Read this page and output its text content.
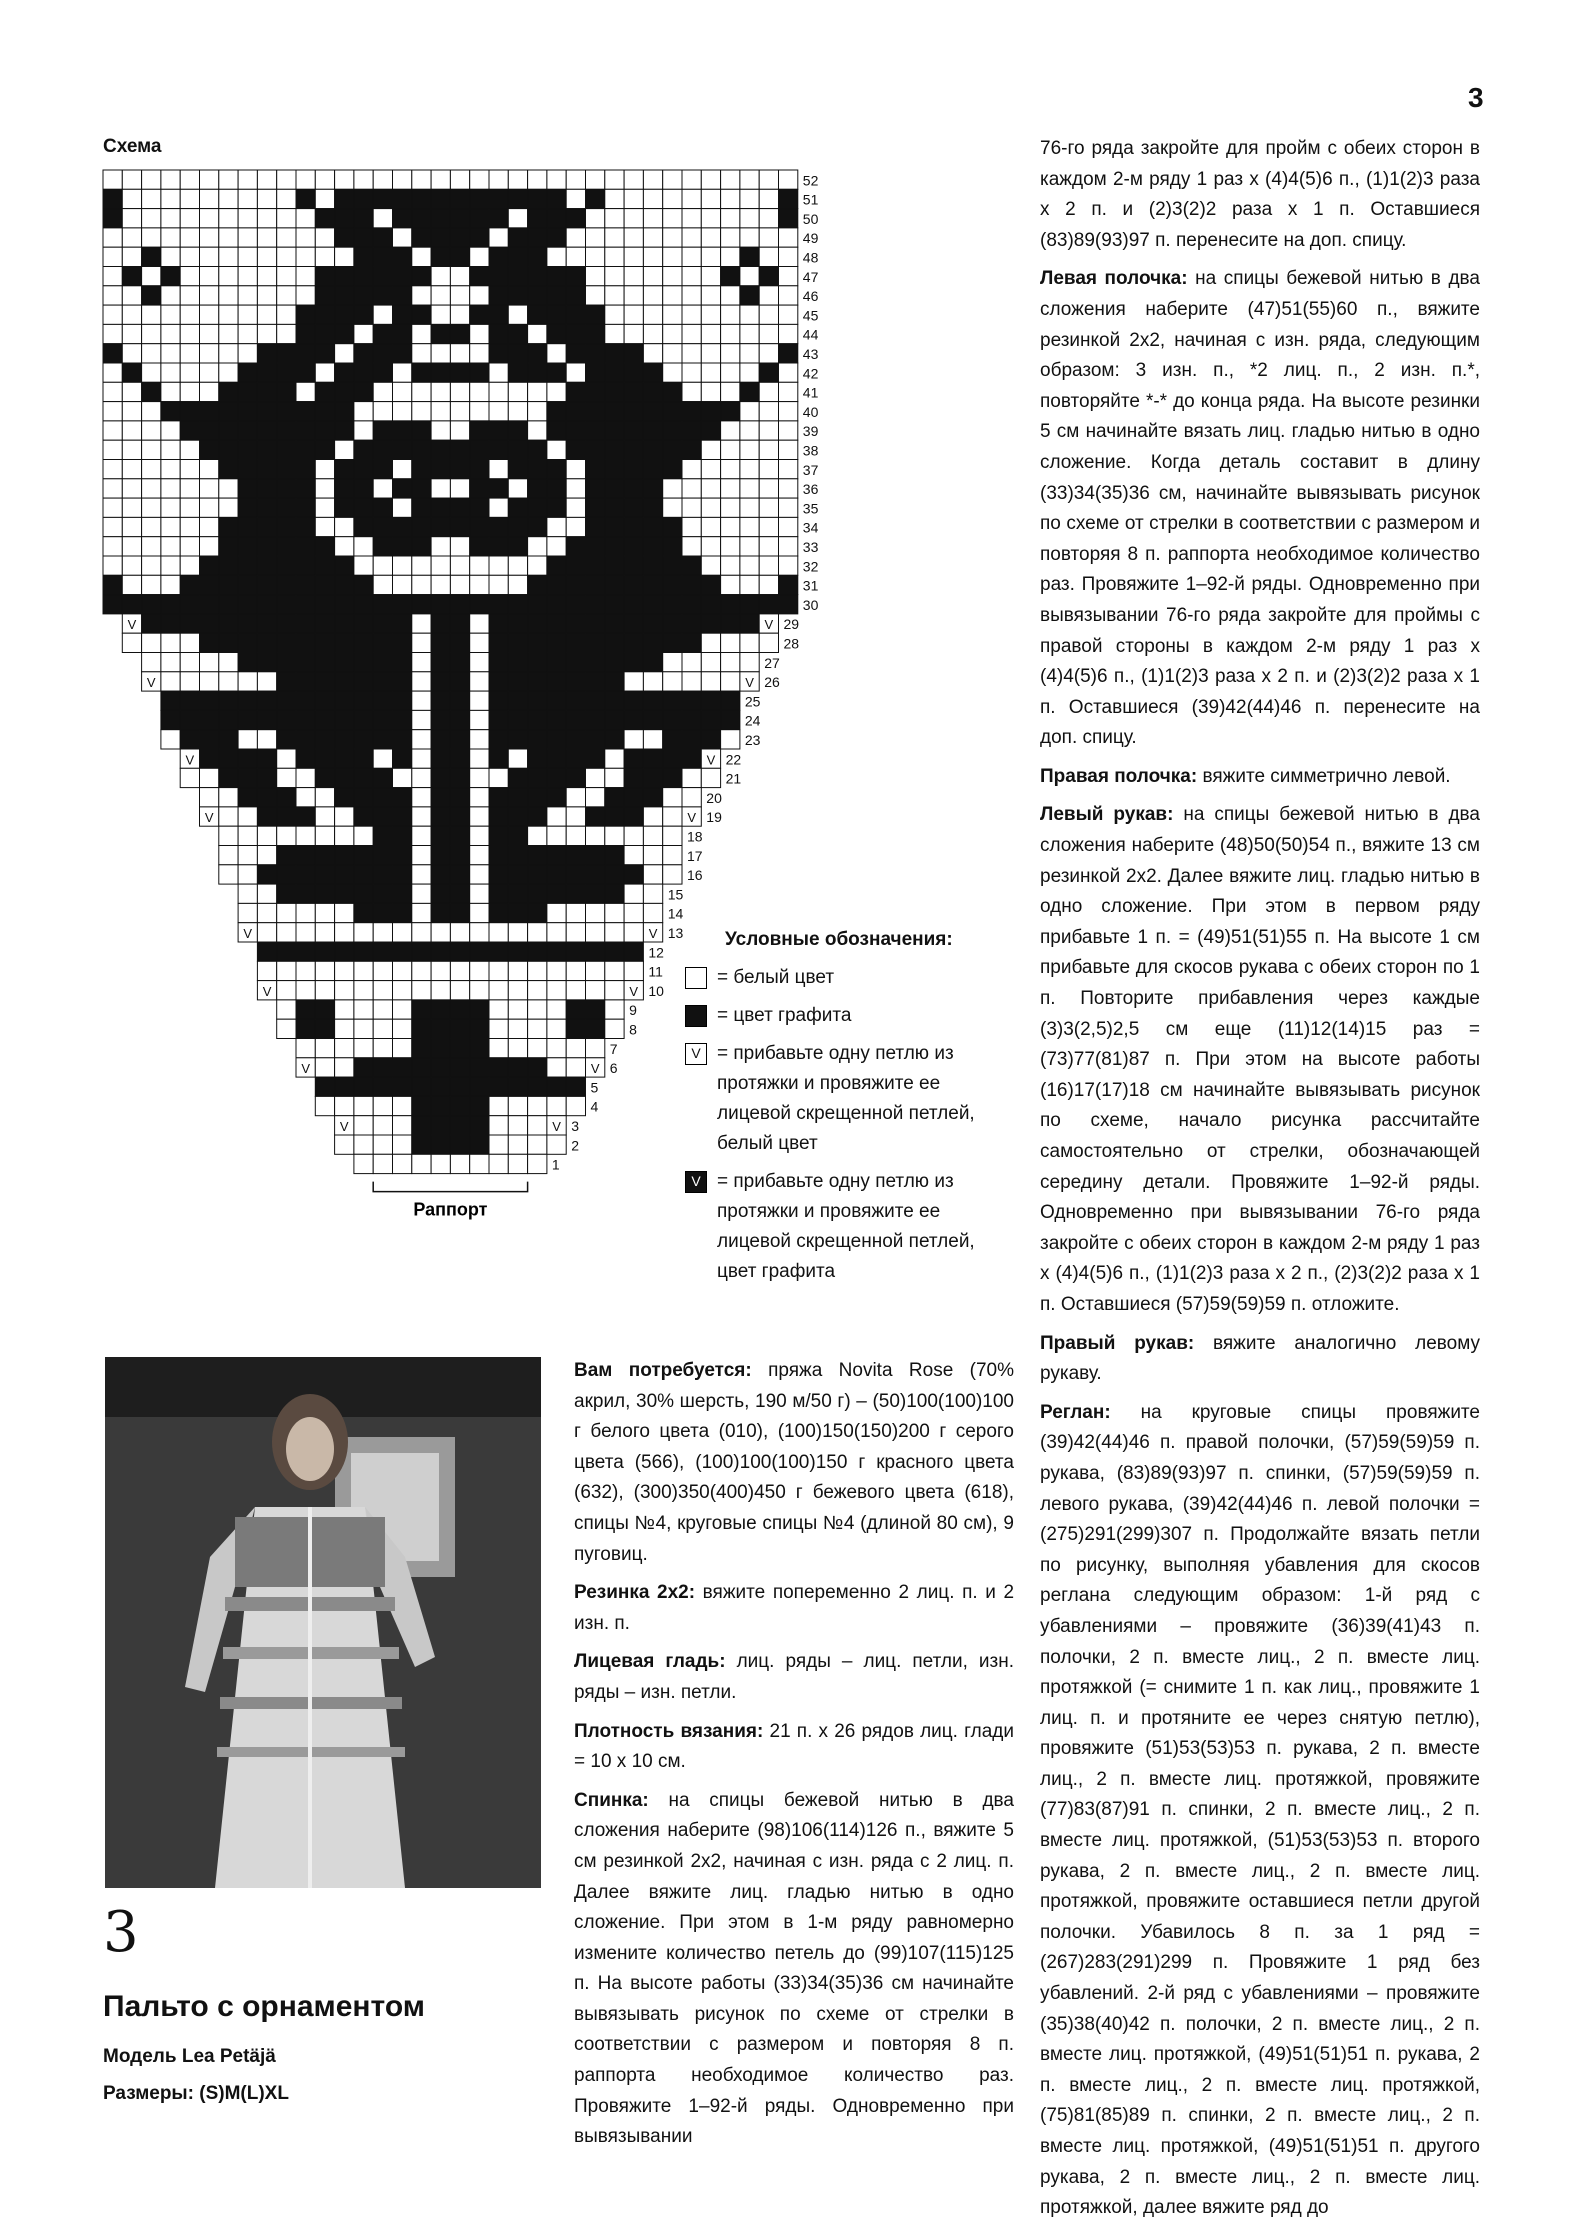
3
Схема
52
51
50
49
48
47
46
45
44
43
42
41
40
39
38
37
36
35
34
33
32
31
30
V	V 29
28
27
V	V 26
25
24
23
V	V 22
21
20
V	V 19
18
17
16
15
14
V	V 13
12
11
V	V 10
9
8
7
V	V 6
5
4
V	V 3
2
1
Раппорт
Условные обозначения:
= белый цвет
= цвет графита
V = прибавьте одну петлю из протяжки и провяжите ее лицевой скрещенной петлей, белый цвет
V = прибавьте одну петлю из протяжки и провяжите ее лицевой скрещенной петлей, цвет графита

76-го ряда закройте для пройм с обеих сторон в каждом 2-м ряду 1 раз х (4)4(5)6 п., (1)1(2)3 раза х 2 п. и (2)3(2)2 раза х 1 п. Оставшиеся (83)89(93)97 п. перенесите на доп. спицу.

Левая полочка: на спицы бежевой нитью в два сложения наберите (47)51(55)60 п., вяжите резинкой 2x2, начиная с изн. ряда, следующим образом: 3 изн. п., *2 лиц. п., 2 изн. п.*, повторяйте *-* до конца ряда. На высоте резинки 5 см начинайте вязать лиц. гладью нитью в одно сложение. Когда деталь составит в длину (33)34(35)36 см, начинайте вывязывать рисунок по схеме от стрелки в соответствии с размером и повторяя 8 п. раппорта необходимое количество раз. Провяжите 1–92-й ряды. Одновременно при вывязывании 76-го ряда закройте для проймы с правой стороны в каждом 2-м ряду 1 раз х (4)4(5)6 п., (1)1(2)3 раза х 2 п. и (2)3(2)2 раза х 1 п. Оставшиеся (39)42(44)46 п. перенесите на доп. спицу.

Правая полочка: вяжите симметрично левой.

Левый рукав: на спицы бежевой нитью в два сложения наберите (48)50(50)54 п., вяжите 13 см резинкой 2x2. Далее вяжите лиц. гладью нитью в одно сложение. При этом в первом ряду прибавьте 1 п. = (49)51(51)55 п. На высоте 1 см прибавьте для скосов рукава с обеих сторон по 1 п. Повторите прибавления через каждые (3)3(2,5)2,5 см еще (11)12(14)15 раз = (73)77(81)87 п. При этом на высоте работы (16)17(17)18 см начинайте вывязывать рисунок по схеме, начало рисунка рассчитайте самостоятельно от стрелки, обозначающей середину детали. Провяжите 1–92-й ряды. Одновременно при вывязывании 76-го ряда закройте с обеих сторон в каждом 2-м ряду 1 раз х (4)4(5)6 п., (1)1(2)3 раза х 2 п., (2)3(2)2 раза х 1 п. Оставшиеся (57)59(59)59 п. отложите.

Правый рукав: вяжите аналогично левому рукаву.

Реглан: на круговые спицы провяжите (39)42(44)46 п. правой полочки, (57)59(59)59 п. рукава, (83)89(93)97 п. спинки, (57)59(59)59 п. левого рукава, (39)42(44)46 п. левой полочки = (275)291(299)307 п. Продолжайте вязать петли по рисунку, выполняя убавления для скосов реглана следующим образом: 1-й ряд с убавлениями – провяжите (36)39(41)43 п. полочки, 2 п. вместе лиц., 2 п. вместе лиц. протяжкой (= снимите 1 п. как лиц., провяжите 1 лиц. п. и протяните ее через снятую петлю), провяжите (51)53(53)53 п. рукава, 2 п. вместе лиц., 2 п. вместе лиц. протяжкой, провяжите (77)83(87)91 п. спинки, 2 п. вместе лиц., 2 п. вместе лиц. протяжкой, (51)53(53)53 п. второго рукава, 2 п. вместе лиц., 2 п. вместе лиц. протяжкой, провяжите оставшиеся петли другой полочки. Убавилось 8 п. за 1 ряд = (267)283(291)299 п. Провяжите 1 ряд без убавлений. 2-й ряд с убавлениями – провяжите (35)38(40)42 п. полочки, 2 п. вместе лиц., 2 п. вместе лиц. протяжкой, (49)51(51)51 п. рукава, 2 п. вместе лиц., 2 п. вместе лиц. протяжкой, (75)81(85)89 п. спинки, 2 п. вместе лиц., 2 п. вместе лиц. протяжкой, (49)51(51)51 п. другого рукава, 2 п. вместе лиц., 2 п. вместе лиц. протяжкой, далее вяжите ряд до

3
Пальто с орнаментом
Модель Lea Petäjä
Размеры: (S)M(L)XL

Вам потребуется: пряжа Novita Rose (70% акрил, 30% шерсть, 190 м/50 г) – (50)100(100)100 г белого цвета (010), (100)150(150)200 г серого цвета (566), (100)100(100)150 г красного цвета (632), (300)350(400)450 г бежевого цвета (618), спицы №4, круговые спицы №4 (длиной 80 см), 9 пуговиц.

Резинка 2x2: вяжите попеременно 2 лиц. п. и 2 изн. п.

Лицевая гладь: лиц. ряды – лиц. петли, изн. ряды – изн. петли.

Плотность вязания: 21 п. х 26 рядов лиц. глади = 10 х 10 см.

Спинка: на спицы бежевой нитью в два сложения наберите (98)106(114)126 п., вяжите 5 см резинкой 2x2, начиная с изн. ряда с 2 лиц. п. Далее вяжите лиц. гладью нитью в одно сложение. При этом в 1-м ряду равномерно измените количество петель до (99)107(115)125 п. На высоте работы (33)34(35)36 см начинайте вывязывать рисунок по схеме от стрелки в соответствии с размером и повторяя 8 п. раппорта необходимое количество раз. Провяжите 1–92-й ряды. Одновременно при вывязывании
